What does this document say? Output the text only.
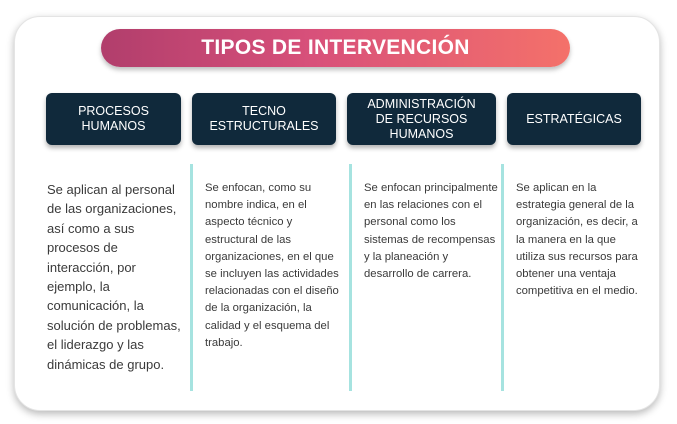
TIPOS DE INTERVENCIÓN
PROCESOS
HUMANOS
TECNO
ESTRUCTURALES
ADMINISTRACIÓN
DE RECURSOS
HUMANOS
ESTRATÉGICAS
Se aplican al personal de las organizaciones, así como a sus procesos de interacción, por ejemplo, la comunicación, la solución de problemas, el liderazgo y las dinámicas de grupo.
Se enfocan, como su nombre indica, en el aspecto técnico y estructural de las organizaciones, en el que se incluyen las actividades relacionadas con el diseño de la organización, la calidad y el esquema del trabajo.
Se enfocan principalmente en las relaciones con el personal como los sistemas de recompensas y la planeación y desarrollo de carrera.
Se aplican en la estrategia general de la organización, es decir, a la manera en la que utiliza sus recursos para obtener una ventaja competitiva en el medio.
